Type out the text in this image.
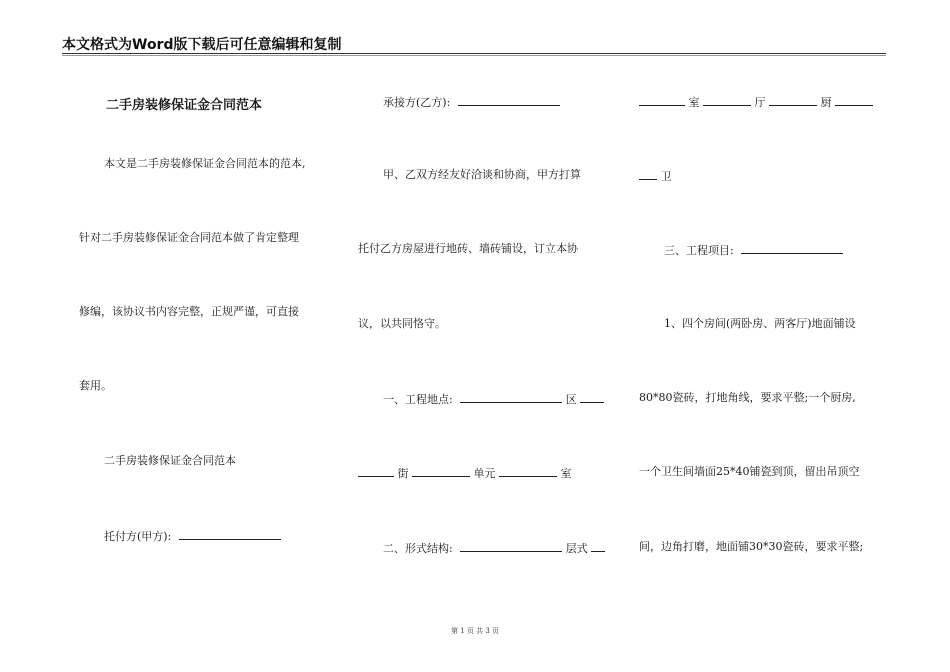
本文格式为Word版下载后可任意编辑和复制
二手房装修保证金合同范本
本文是二手房装修保证金合同范本的范本,
针对二手房装修保证金合同范本做了肯定整理
修编，该协议书内容完整，正规严谨，可直接
套用。
二手房装修保证金合同范本
托付方(甲方):
承接方(乙方):
甲、乙双方经友好洽谈和协商，甲方打算
托付乙方房屋进行地砖、墙砖铺设，订立本协
议，以共同恪守。
一、工程地点:	区
街	单元	室
二、形式结构:	层式
室	厅	厨
卫
三、工程项目:
1、四个房间(两卧房、两客厅)地面铺设
80*80瓷砖，打地角线，要求平整;一个厨房,
一个卫生间墙面25*40铺瓷到顶，留出吊顶空
间，边角打磨，地面铺30*30瓷砖，要求平整;
第 1 页 共 3 页
